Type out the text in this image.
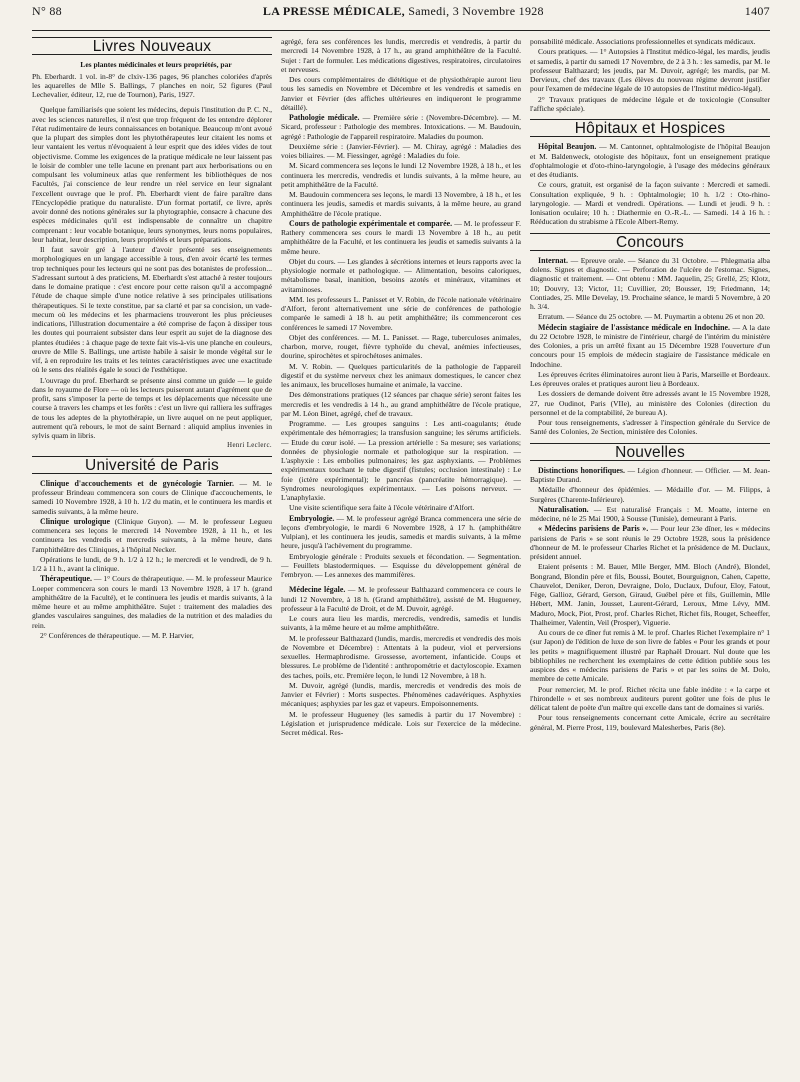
N° 88	LA PRESSE MÉDICALE, Samedi, 3 Novembre 1928	1407
Livres Nouveaux

Les plantes médicinales et leurs propriétés, par

Ph. Eberhardt. 1 vol. in-8° de clxiv-136 pages, 96 planches coloriées d'après les aquarelles de Mlle S. Ballings, 7 planches en noir, 52 figures (Paul Lechevalier, éditeur, 12, rue de Tournon), Paris, 1927.

Quelque familiarisés que soient les médecins, depuis l'institution du P. C. N., avec les sciences naturelles, il n'est que trop fréquent de les entendre déplorer l'état rudimentaire de leurs connaissances en botanique. Beaucoup m'ont avoué que la plupart des simples dont les phytothérapeutes leur citaient les noms et leur vantaient les vertus n'évoquaient à leur esprit que des idées vides de tout objectivisme. Comme les exigences de la pratique médicale ne leur laissent pas le loisir de combler une telle lacune en prenant part aux herborisations ou en compulsant les volumineux atlas que renferment les bibliothèques de nos Facultés, j'ai conscience de leur rendre un réel service en leur signalant l'excellent ouvrage que le prof. Ph. Eberhardt vient de faire paraître dans l'Encyclopédie pratique du naturaliste. D'un format portatif, ce livre, après avoir donné des notions générales sur la phytographie, consacre à chacune des espèces médicinales qu'il est indispensable de connaître un chapitre comprenant : leur vocable botanique, leurs synonymes, leurs noms populaires, leur habitat, leur description, leurs propriétés et leurs préparations.

Il faut savoir gré à l'auteur d'avoir présenté ses enseignements morphologiques en un langage accessible à tous, d'en avoir écarté les termes trop techniques pour les lecteurs qui ne sont pas des botanistes de profession... S'adressant surtout à des praticiens, M. Eberhardt s'est attaché à rester toujours dans le domaine pratique : c'est encore pour cette raison qu'il a accompagné l'étude de chaque simple d'une notice relative à ses principales utilisations thérapeutiques. Si le texte constitue, par sa clarté et par sa concision, un vade-mecum où les médecins et les pharmaciens trouveront les plus précieuses indications, l'illustration documentaire a été comprise de façon à dissiper tous les doutes qui pourraient subsister dans leur esprit au sujet de la diagnose des plantes étudiées : à chaque page de texte fait vis-à-vis une planche en couleurs, œuvre de Mlle S. Ballings, une artiste habile à saisir le monde végétal sur le vif, à en reproduire les traits et les teintes caractéristiques avec une exactitude où le sens des réalités égale le souci de l'esthétique.

L'ouvrage du prof. Eberhardt se présente ainsi comme un guide — le guide dans le royaume de Flore — où les lecteurs puiseront autant d'agrément que de profit, sans s'imposer la perte de temps et les déplacements que nécessite une course à travers les champs et les forêts : c'est un livre qui ralliera les suffrages de tous les adeptes de la phytothérapie, un livre auquel on ne peut appliquer, autrement qu'à rebours, le mot de saint Bernard : aliquid amplius invenies in sylvis quam in libris.

Henri Leclerc.
Université de Paris

Clinique d'accouchements et de gynécologie Tarnier. — M. le professeur Brindeau commencera son cours de Clinique d'accouchements, le samedi 10 Novembre 1928, à 10 h. 1/2 du matin, et le continuera les mardis et samedis suivants, à la même heure.

Clinique urologique (Clinique Guyon). — M. le professeur Legueu commencera ses leçons le mercredi 14 Novembre 1928, à 11 h., et les continuera les vendredis et mercredis suivants, à la même heure, dans l'amphithéâtre des Cliniques, à l'hôpital Necker.

Opérations le lundi, de 9 h. 1/2 à 12 h.; le mercredi et le vendredi, de 9 h. 1/2 à 11 h., avant la clinique.

Thérapeutique. — 1° Cours de thérapeutique. — M. le professeur Maurice Loeper commencera son cours le mardi 13 Novembre 1928, à 17 h. (grand amphithéâtre de la Faculté), et le continuera les jeudis et mardis suivants, à la même heure et au même amphithéâtre. Sujet : traitement des maladies des glandes vasculaires sanguines, des maladies de la nutrition et des maladies du rein.

2° Conférences de thérapeutique. — M. P. Harvier,

agrégé, fera ses conférences les lundis, mercredis et vendredis, à partir du mercredi 14 Novembre 1928, à 17 h., au grand amphithéâtre de la Faculté. Sujet : l'art de formuler. Les médications digestives, respiratoires, circulatoires et nerveuses.

Des cours complémentaires de diététique et de physiothérapie auront lieu tous les samedis en Novembre et Décembre et les vendredis et samedis en Janvier et Février (des affiches ultérieures en indiqueront le programme détaillé).

Pathologie médicale. — Première série : (Novembre-Décembre). — M. Sicard, professeur : Pathologie des membres. Intoxications. — M. Baudouin, agrégé : Pathologie de l'appareil respiratoire. Maladies du poumon.

Deuxième série : (Janvier-Février). — M. Chiray, agrégé : Maladies des voies biliaires. — M. Fiessinger, agrégé : Maladies du foie.

M. Sicard commencera ses leçons le lundi 12 Novembre 1928, à 18 h., et les continuera les mercredis, vendredis et lundis suivants, à la même heure, au petit amphithéâtre de la Faculté.

M. Baudouin commencera ses leçons, le mardi 13 Novembre, à 18 h., et les continuera les jeudis, samedis et mardis suivants, à la même heure, au grand Amphithéâtre de l'école pratique.

Cours de pathologie expérimentale et comparée. — M. le professeur F. Rathery commencera ses cours le mardi 13 Novembre à 18 h., au petit amphithéâtre de la Faculté, et les continuera les jeudis et samedis suivants à la même heure.

Objet du cours. — Les glandes à sécrétions internes et leurs rapports avec la physiologie normale et pathologique. — Alimentation, besoins caloriques, métabolisme basal, inanition, besoins azotés et minéraux, vitamines et avitaminoses.

MM. les professeurs L. Panisset et V. Robin, de l'école nationale vétérinaire d'Alfort, feront alternativement une série de conférences de pathologie comparée le samedi à 18 h. au petit amphithéâtre; ils commenceront ces conférences le samedi 17 Novembre.

Objet des conférences. — M. L. Panisset. — Rage, tuberculoses animales, charbon, morve, rouget, fièvre typhoïde du cheval, anémies infectieuses, dourine, spirochètes et spirochétoses animales.

M. V. Robin. — Quelques particularités de la pathologie de l'appareil digestif et du système nerveux chez les animaux domestiques, le cancer chez les animaux, les brucelloses humaine et animale, la vaccine.

Des démonstrations pratiques (12 séances par chaque série) seront faites les mercredis et les vendredis à 14 h., au grand amphithéâtre de l'école pratique, par M. Léon Binet, agrégé, chef de travaux.

Programme. — Les groupes sanguins : Les anti-coagulants; étude expérimentale des hémorragies; la transfusion sanguine; les sérums artificiels. — Etude du cœur isolé. — La pression artérielle : Sa mesure; ses variations; données de physiologie normale et pathologique sur la respiration. — L'asphyxie : Les embolies pulmonaires; les gaz asphyxiants. — Problèmes expérimentaux touchant le tube digestif (fistules; occlusion intestinale) : Le foie (ictère expérimental); le pancréas (pancréatite hémorragique). — Syndromes neurologiques expérimentaux. — Les poisons nerveux. — L'anaphylaxie.

Une visite scientifique sera faite à l'école vétérinaire d'Alfort.

Embryologie. — M. le professeur agrégé Branca commencera une série de leçons d'embryologie, le mardi 6 Novembre 1928, à 17 h. (amphithéâtre Vulpian), et les continuera les jeudis, samedis et mardis suivants, à la même heure, jusqu'à l'achèvement du programme.

Embryologie générale : Produits sexuels et fécondation. — Segmentation. — Feuillets blastodermiques. — Esquisse du développement général de l'embryon. — Les annexes des mammifères.

Médecine légale. — M. le professeur Balthazard commencera ce cours le lundi 12 Novembre, à 18 h. (Grand amphithéâtre), assisté de M. Hugueney, professeur à la Faculté de Droit, et de M. Duvoir, agrégé.

Le cours aura lieu les mardis, mercredis, vendredis, samedis et lundis suivants, à la même heure et au même amphithéâtre.

M. le professeur Balthazard (lundis, mardis, mercredis et vendredis des mois de Novembre et Décembre) : Attentats à la pudeur, viol et perversions sexuelles. Hermaphrodisme. Grossesse, avortement, infanticide. Coups et blessures. Le problème de l'identité : anthropométrie et dactyloscopie. Examen des taches, poils, etc. Première leçon, le lundi 12 Novembre, à 18 h.

M. Duvoir, agrégé (lundis, mardis, mercredis et vendredis des mois de Janvier et Février) : Morts suspectes. Phénomènes cadavériques. Asphyxies mécaniques; asphyxies par les gaz et vapeurs. Empoisonnements.

M. le professeur Hugueney (les samedis à partir du 17 Novembre) : Législation et jurisprudence médicale. Lois sur l'exercice de la médecine. Secret médical. Res-

ponsabilité médicale. Associations professionnelles et syndicats médicaux.

Cours pratiques. — 1° Autopsies à l'Institut médico-légal, les mardis, jeudis et samedis, à partir du samedi 17 Novembre, de 2 à 3 h. : les samedis, par M. le professeur Balthazard; les jeudis, par M. Duvoir, agrégé; les mardis, par M. Dervieux, chef des travaux (Les élèves du nouveau régime devront justifier pour l'examen de médecine légale de 10 autopsies de l'Institut médico-légal).

2° Travaux pratiques de médecine légale et de toxicologie (Consulter l'affiche spéciale).

Hôpitaux et Hospices

Hôpital Beaujon. — M. Cantonnet, ophtalmologiste de l'hôpital Beaujon et M. Baldenweck, otologiste des hôpitaux, font un enseignement pratique d'ophtalmologie et d'oto-rhino-laryngologie, à l'usage des médecins généraux et des étudiants.

Ce cours, gratuit, est organisé de la façon suivante : Mercredi et samedi. Consultation expliquée, 9 h. : Ophtalmologie; 10 h. 1/2 : Oto-rhino-laryngologie. — Mardi et vendredi. Opérations. — Lundi et jeudi. 9 h. : Ionisation oculaire; 10 h. : Diathermie en O.-R.-L. — Samedi. 14 à 16 h. : Rééducation du strabisme à l'Ecole Albert-Remy.

Concours

Internat. — Epreuve orale. — Séance du 31 Octobre. — Phlegmatia alba dolens. Signes et diagnostic. — Perforation de l'ulcère de l'estomac. Signes, diagnostic et traitement. — Ont obtenu : MM. Jaquelin, 25; Grellé, 25; Klotz, 10; Douvry, 13; Victor, 11; Cuvillier, 20; Bousser, 19; Friedmann, 14; Contiades, 25. Mlle Develay, 19. Prochaine séance, le mardi 5 Novembre, à 20 h. 3/4.

Erratum. — Séance du 25 octobre. — M. Puymartin a obtenu 26 et non 20.

Médecin stagiaire de l'assistance médicale en Indochine. — A la date du 22 Octobre 1928, le ministre de l'intérieur, chargé de l'intérim du ministère des Colonies, a pris un arrêté fixant au 15 Décembre 1928 l'ouverture d'un concours pour 15 emplois de médecin stagiaire de l'assistance médicale en Indochine.

Les épreuves écrites éliminatoires auront lieu à Paris, Marseille et Bordeaux. Les épreuves orales et pratiques auront lieu à Bordeaux.

Les dossiers de demande doivent être adressés avant le 15 Novembre 1928, 27, rue Oudinot, Paris (VIIe), au ministère des Colonies (direction du personnel et de la comptabilité, 2e bureau A).

Pour tous renseignements, s'adresser à l'inspection générale du Service de Santé des Colonies, 2e Section, ministère des Colonies.

Nouvelles

Distinctions honorifiques. — Légion d'honneur. — Officier. — M. Jean-Baptiste Durand.

Médaille d'honneur des épidémies. — Médaille d'or. — M. Filipps, à Surgères (Charente-Inférieure).

Naturalisation. — Est naturalisé Français : M. Moatte, interne en médecine, né le 25 Mai 1900, à Sousse (Tunisie), demeurant à Paris.

« Médecins parisiens de Paris ». — Pour leur 23e dîner, les « médecins parisiens de Paris » se sont réunis le 29 Octobre 1928, sous la présidence d'honneur de M. le professeur Charles Richet et la présidence de M. Duclaux, président annuel.

Etaient présents : M. Bauer, Mlle Berger, MM. Bloch (André), Blondel, Bongrand, Blondin père et fils, Boussi, Boutet, Bourguignon, Cahen, Capette, Chauvelot, Deniker, Deron, Devraigne, Dolo, Duclaux, Dufour, Eloy, Fatout, Fège, Gallioz, Gérard, Gerson, Giraud, Guébel père et fils, Guillemin, Mlle Hébert, MM. Janin, Jousset, Laurent-Gérard, Leroux, Mme Lévy, MM. Maduro, Mock, Piot, Prost, prof. Charles Richet, Richet fils, Rouget, Scheeffer, Thalheimer, Valentin, Veil (Prosper), Viguerie.

Au cours de ce dîner fut remis à M. le prof. Charles Richet l'exemplaire n° 1 (sur Japon) de l'édition de luxe de son livre de fables « Pour les grands et pour les petits » magnifiquement illustré par Raphaël Drouart. Nul doute que les bibliophiles ne recherchent les exemplaires de cette édition publiée sous les auspices des « médecins parisiens de Paris » et par les soins de M. Dolo, membre de cette Amicale.

Pour remercier, M. le prof. Richet récita une fable inédite : « la carpe et l'hirondelle » et ses nombreux auditeurs purent goûter une fois de plus le délicat talent de poète d'un maître qui excelle dans tant de domaines si variés.

Pour tous renseignements concernant cette Amicale, écrire au secrétaire général, M. Pierre Prost, 119, boulevard Malesherbes, Paris (8e).
